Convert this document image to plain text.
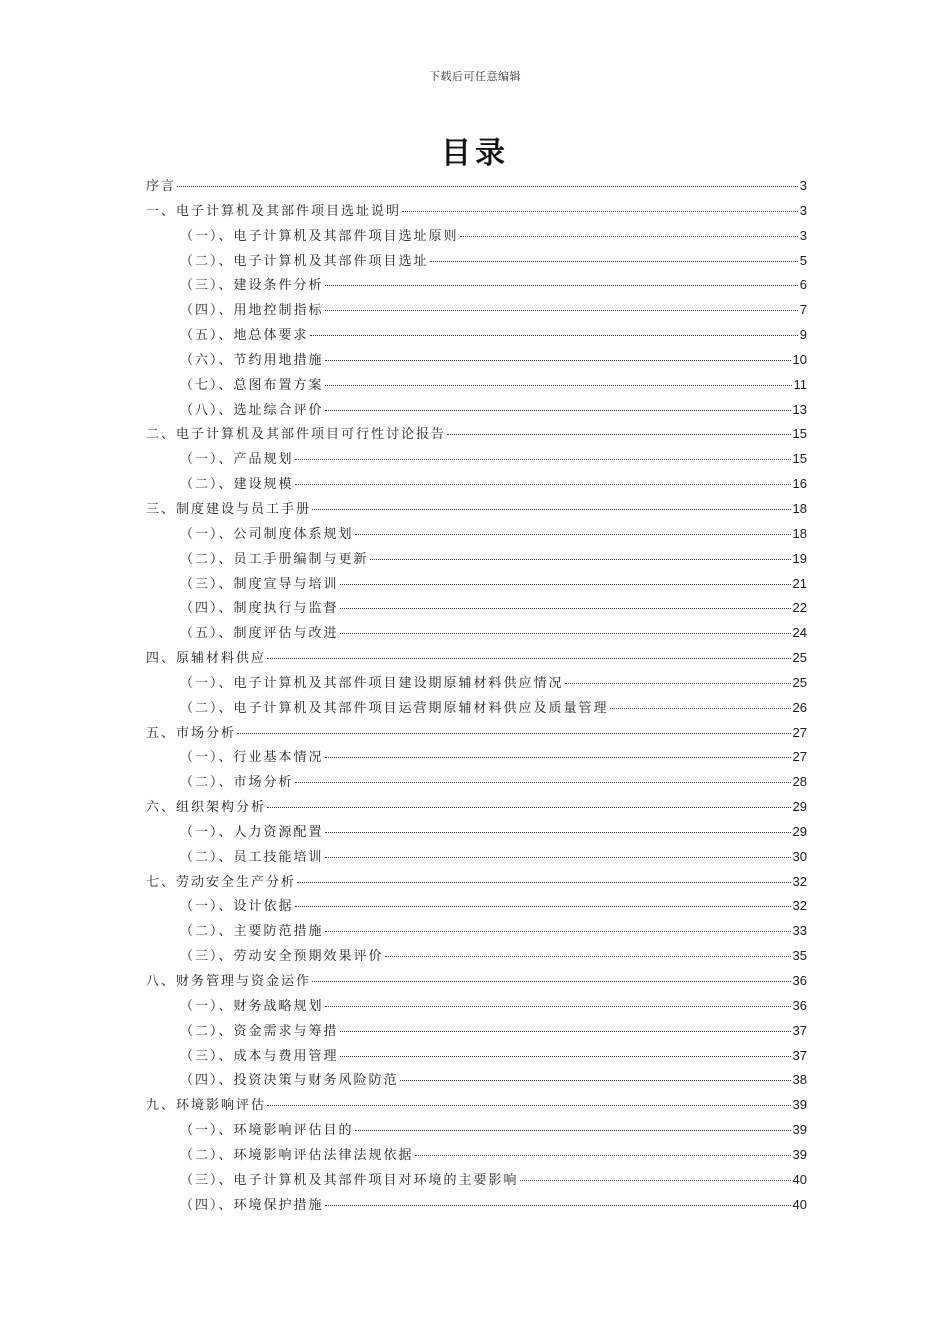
下载后可任意编辑
目录
序言	3
一、电子计算机及其部件项目选址说明	3
（一）、电子计算机及其部件项目选址原则	3
（二）、电子计算机及其部件项目选址	5
（三）、建设条件分析	6
（四）、用地控制指标	7
（五）、地总体要求	9
（六）、节约用地措施	10
（七）、总图布置方案	11
（八）、选址综合评价	13
二、电子计算机及其部件项目可行性讨论报告	15
（一）、产品规划	15
（二）、建设规模	16
三、制度建设与员工手册	18
（一）、公司制度体系规划	18
（二）、员工手册编制与更新	19
（三）、制度宣导与培训	21
（四）、制度执行与监督	22
（五）、制度评估与改进	24
四、原辅材料供应	25
（一）、电子计算机及其部件项目建设期原辅材料供应情况	25
（二）、电子计算机及其部件项目运营期原辅材料供应及质量管理	26
五、市场分析	27
（一）、行业基本情况	27
（二）、市场分析	28
六、组织架构分析	29
（一）、人力资源配置	29
（二）、员工技能培训	30
七、劳动安全生产分析	32
（一）、设计依据	32
（二）、主要防范措施	33
（三）、劳动安全预期效果评价	35
八、财务管理与资金运作	36
（一）、财务战略规划	36
（二）、资金需求与筹措	37
（三）、成本与费用管理	37
（四）、投资决策与财务风险防范	38
九、环境影响评估	39
（一）、环境影响评估目的	39
（二）、环境影响评估法律法规依据	39
（三）、电子计算机及其部件项目对环境的主要影响	40
（四）、环境保护措施	40
